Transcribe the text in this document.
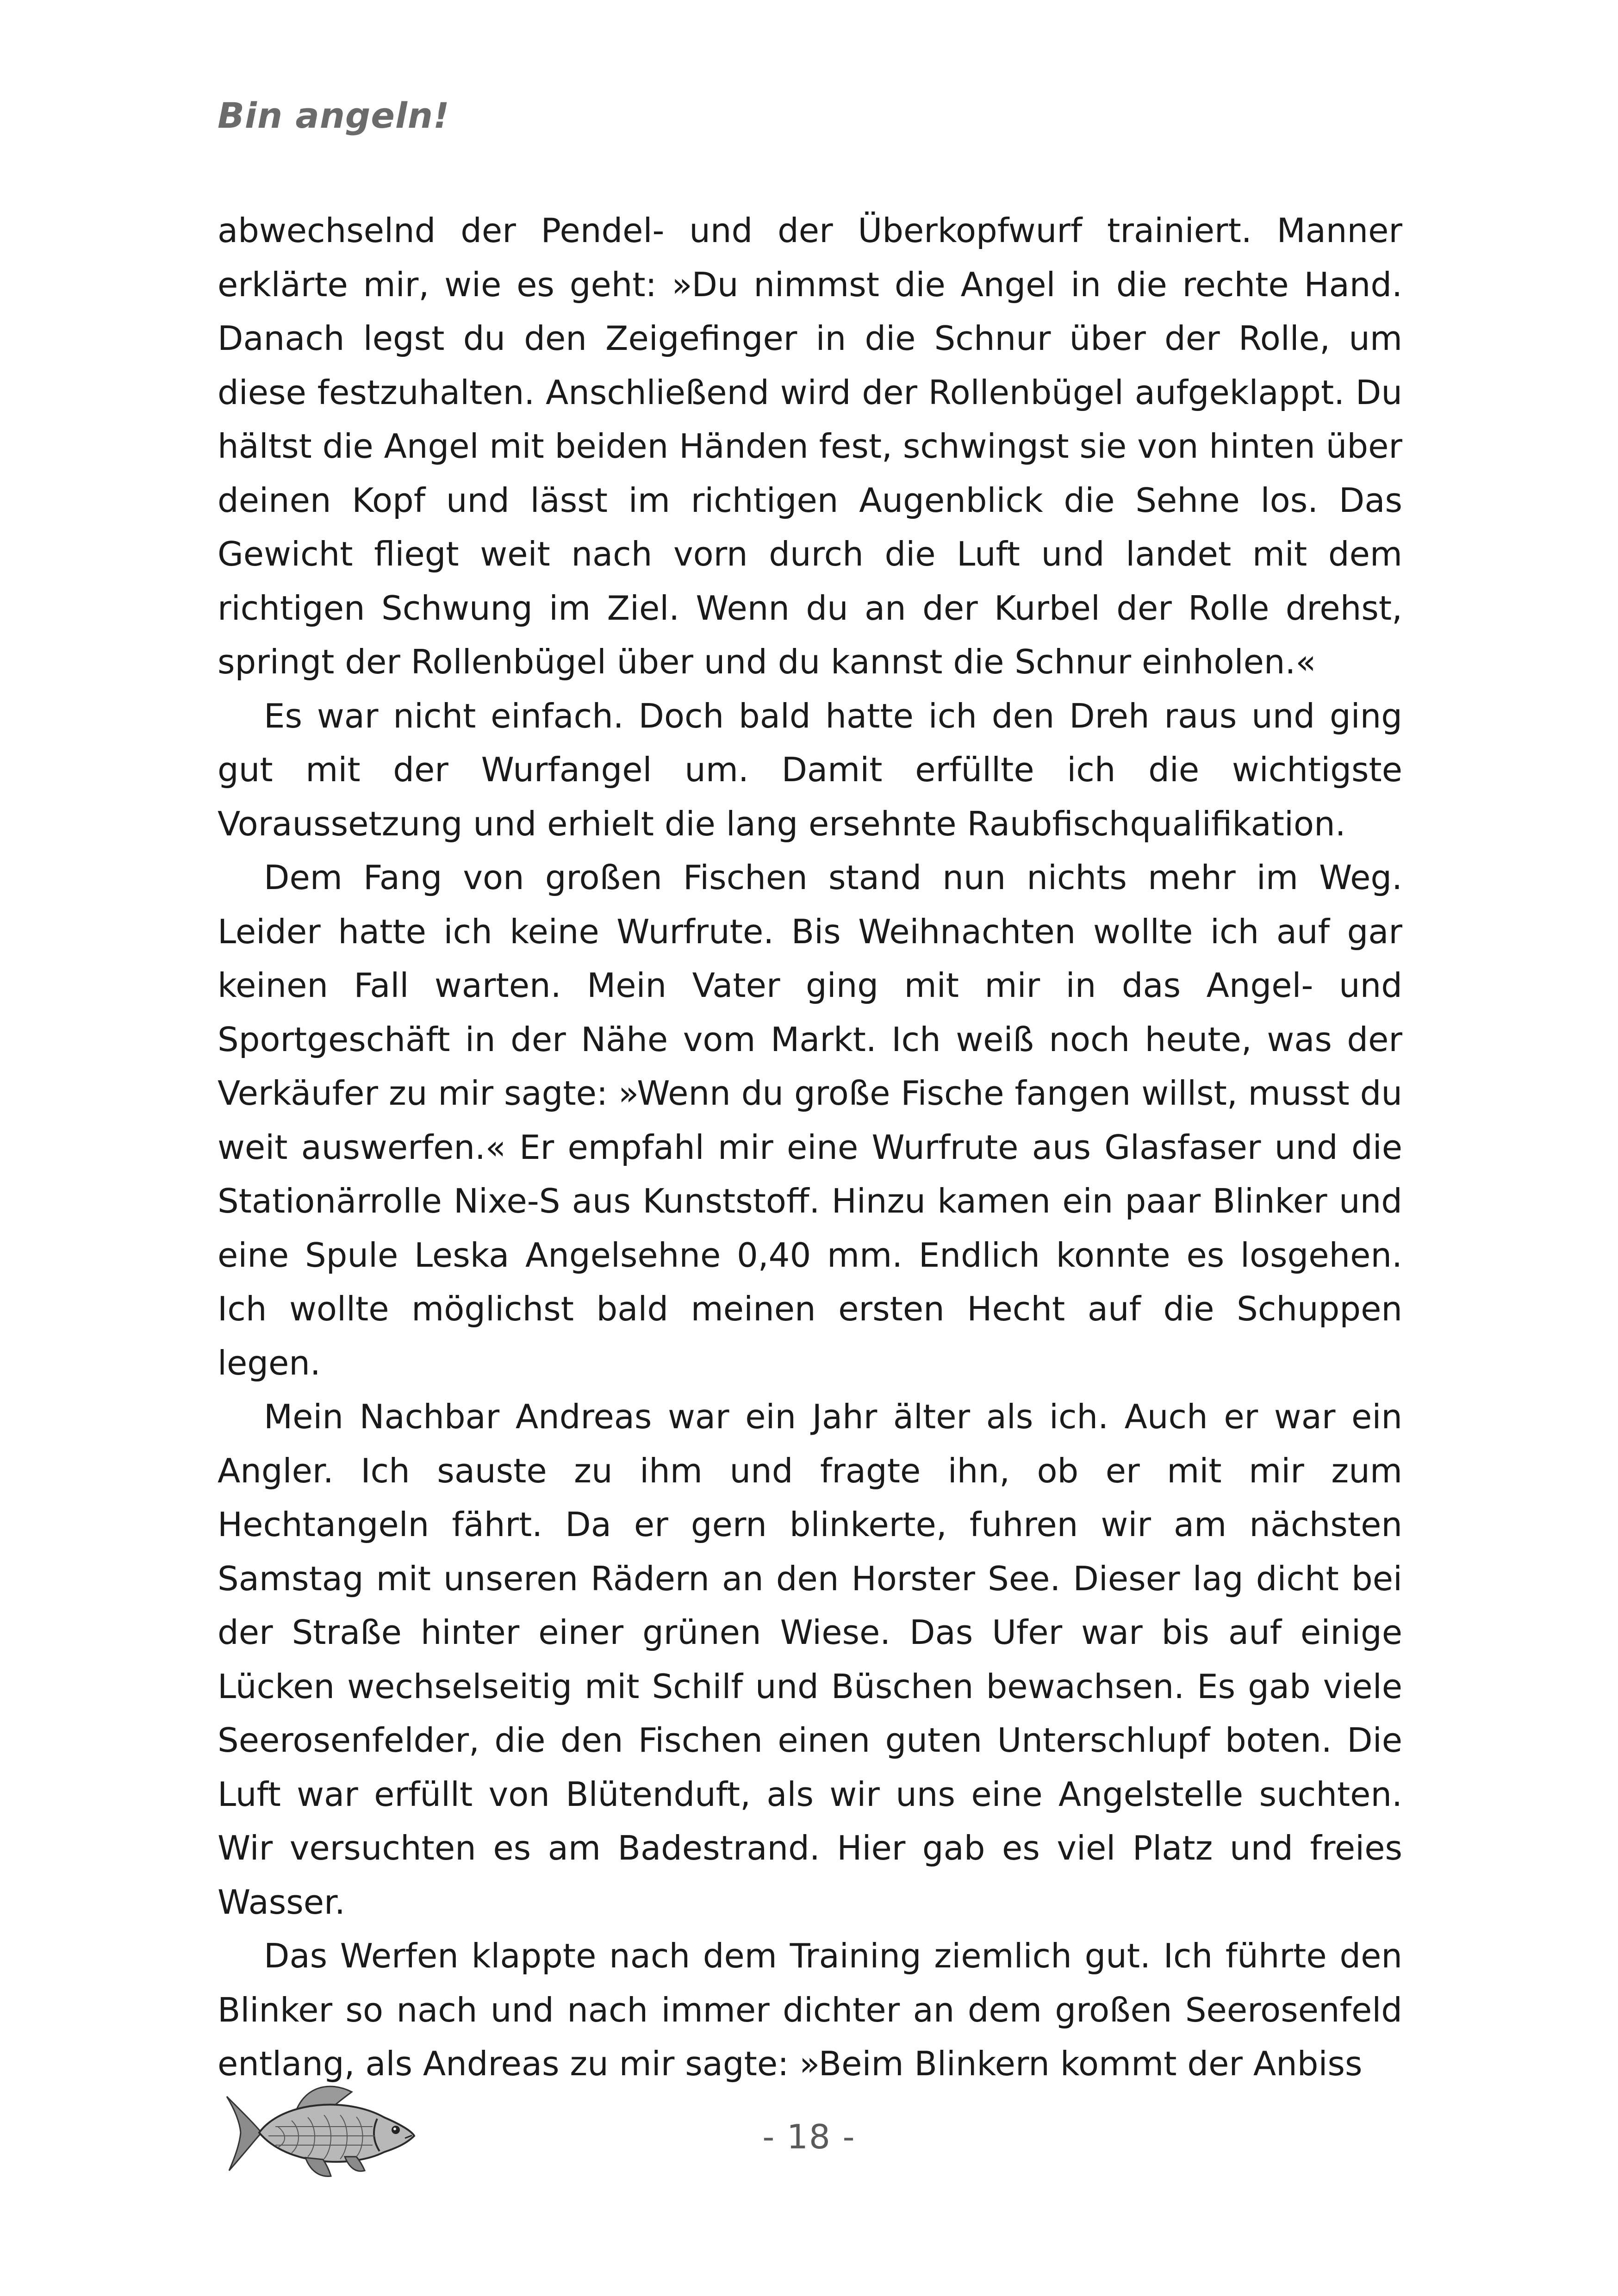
Bin angeln!

abwechselnd der Pendel- und der Überkopfwurf trainiert. Manner erklärte mir, wie es geht: »Du nimmst die Angel in die rechte Hand. Danach legst du den Zeigefinger in die Schnur über der Rolle, um diese festzuhalten. Anschließend wird der Rollenbügel aufgeklappt. Du hältst die Angel mit beiden Händen fest, schwingst sie von hinten über deinen Kopf und lässt im richtigen Augenblick die Sehne los. Das Gewicht fliegt weit nach vorn durch die Luft und landet mit dem richtigen Schwung im Ziel. Wenn du an der Kurbel der Rolle drehst, springt der Rollenbügel über und du kannst die Schnur einholen.«

Es war nicht einfach. Doch bald hatte ich den Dreh raus und ging gut mit der Wurfangel um. Damit erfüllte ich die wichtigste Voraussetzung und erhielt die lang ersehnte Raubfischqualifikation.

Dem Fang von großen Fischen stand nun nichts mehr im Weg. Leider hatte ich keine Wurfrute. Bis Weihnachten wollte ich auf gar keinen Fall warten. Mein Vater ging mit mir in das Angel- und Sportgeschäft in der Nähe vom Markt. Ich weiß noch heute, was der Verkäufer zu mir sagte: »Wenn du große Fische fangen willst, musst du weit auswerfen.« Er empfahl mir eine Wurfrute aus Glasfaser und die Stationärrolle Nixe-S aus Kunststoff. Hinzu kamen ein paar Blinker und eine Spule Leska Angelsehne 0,40 mm. Endlich konnte es losgehen. Ich wollte möglichst bald meinen ersten Hecht auf die Schuppen legen.

Mein Nachbar Andreas war ein Jahr älter als ich. Auch er war ein Angler. Ich sauste zu ihm und fragte ihn, ob er mit mir zum Hechtangeln fährt. Da er gern blinkerte, fuhren wir am nächsten Samstag mit unseren Rädern an den Horster See. Dieser lag dicht bei der Straße hinter einer grünen Wiese. Das Ufer war bis auf einige Lücken wechselseitig mit Schilf und Büschen bewachsen. Es gab viele Seerosenfelder, die den Fischen einen guten Unterschlupf boten. Die Luft war erfüllt von Blütenduft, als wir uns eine Angelstelle suchten. Wir versuchten es am Badestrand. Hier gab es viel Platz und freies Wasser.

Das Werfen klappte nach dem Training ziemlich gut. Ich führte den Blinker so nach und nach immer dichter an dem großen Seerosenfeld entlang, als Andreas zu mir sagte: »Beim Blinkern kommt der Anbiss

- 18 -
